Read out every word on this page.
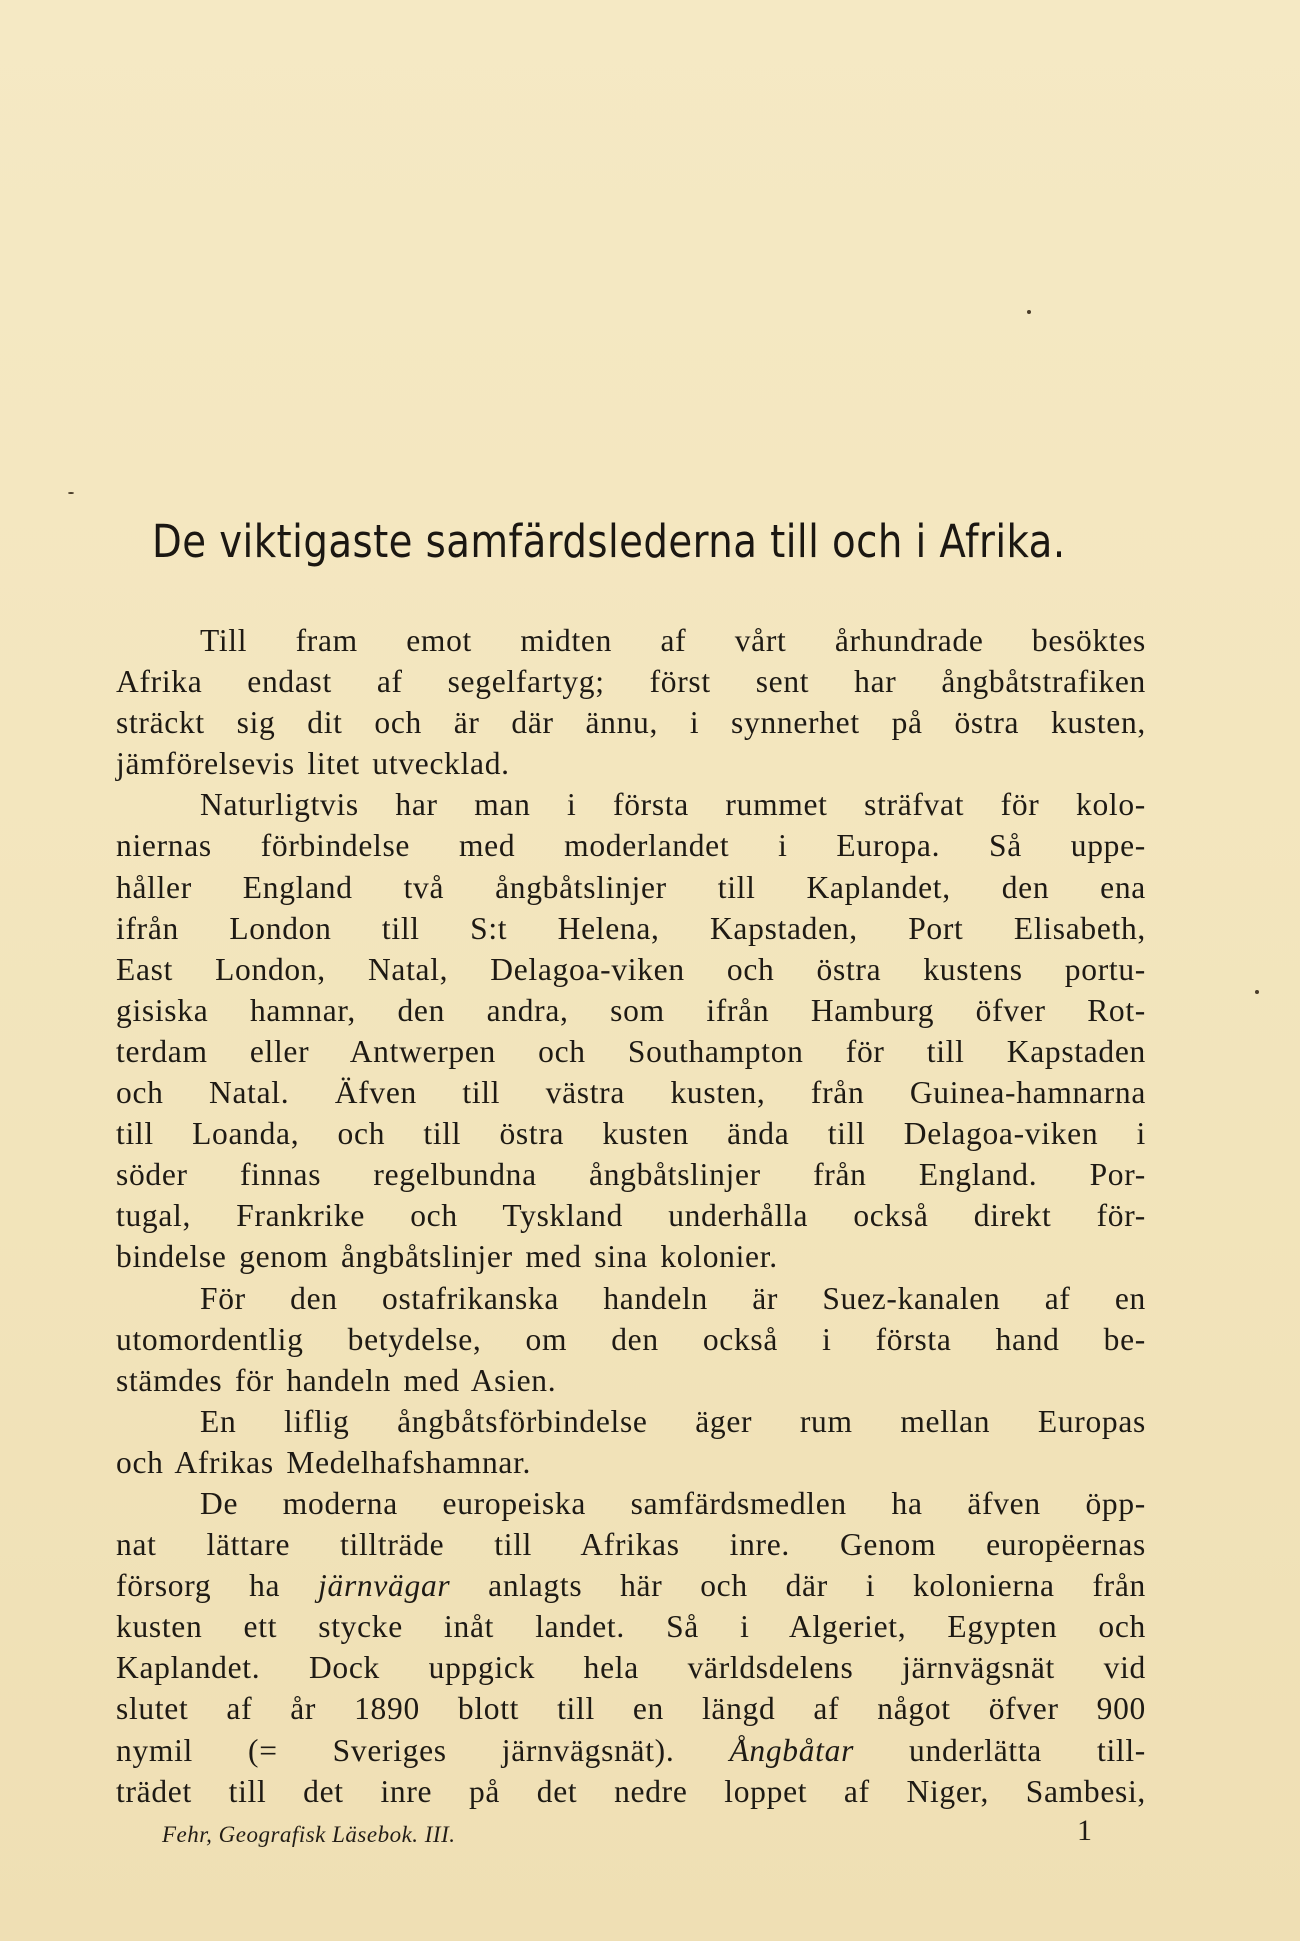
De viktigaste samfärdslederna till och i Afrika.
Till fram emot midten af vårt århundrade besöktes
Afrika endast af segelfartyg; först sent har ångbåtstrafiken
sträckt sig dit och är där ännu, i synnerhet på östra kusten,
jämförelsevis litet utvecklad.
Naturligtvis har man i första rummet sträfvat för kolo-
niernas förbindelse med moderlandet i Europa. Så uppe-
håller England två ångbåtslinjer till Kaplandet, den ena
ifrån London till S:t Helena, Kapstaden, Port Elisabeth,
East London, Natal, Delagoa-viken och östra kustens portu-
gisiska hamnar, den andra, som ifrån Hamburg öfver Rot-
terdam eller Antwerpen och Southampton för till Kapstaden
och Natal. Äfven till västra kusten, från Guinea-hamnarna
till Loanda, och till östra kusten ända till Delagoa-viken i
söder finnas regelbundna ångbåtslinjer från England. Por-
tugal, Frankrike och Tyskland underhålla också direkt för-
bindelse genom ångbåtslinjer med sina kolonier.
För den ostafrikanska handeln är Suez-kanalen af en
utomordentlig betydelse, om den också i första hand be-
stämdes för handeln med Asien.
En liflig ångbåtsförbindelse äger rum mellan Europas
och Afrikas Medelhafshamnar.
De moderna europeiska samfärdsmedlen ha äfven öpp-
nat lättare tillträde till Afrikas inre. Genom europëernas
försorg ha järnvägar anlagts här och där i kolonierna från
kusten ett stycke inåt landet. Så i Algeriet, Egypten och
Kaplandet. Dock uppgick hela världsdelens järnvägsnät vid
slutet af år 1890 blott till en längd af något öfver 900
nymil (= Sveriges järnvägsnät). Ångbåtar underlätta till-
trädet till det inre på det nedre loppet af Niger, Sambesi,
Fehr, Geografisk Läsebok. III.	1
